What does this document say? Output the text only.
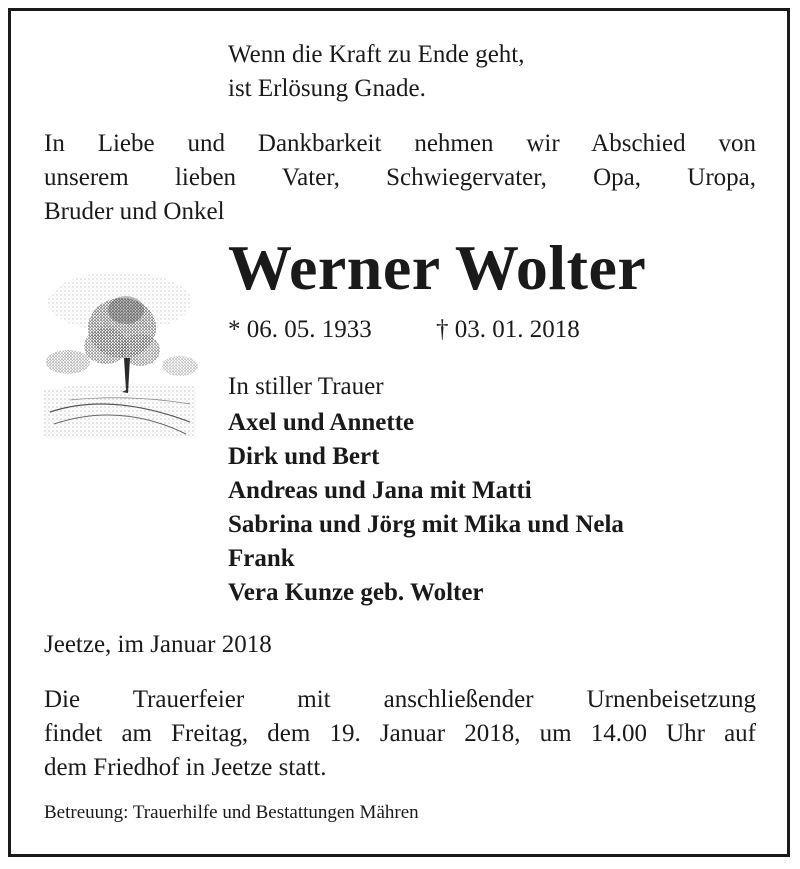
Wenn die Kraft zu Ende geht,
ist Erlösung Gnade.
In Liebe und Dankbarkeit nehmen wir Abschied von
unserem lieben Vater, Schwiegervater, Opa, Uropa,
Bruder und Onkel
Werner Wolter
* 06. 05. 1933	† 03. 01. 2018
In stiller Trauer
Axel und Annette
Dirk und Bert
Andreas und Jana mit Matti
Sabrina und Jörg mit Mika und Nela
Frank
Vera Kunze geb. Wolter
Jeetze, im Januar 2018
Die Trauerfeier mit anschließender Urnenbeisetzung
findet am Freitag, dem 19. Januar 2018, um 14.00 Uhr auf
dem Friedhof in Jeetze statt.
Betreuung: Trauerhilfe und Bestattungen Mähren
